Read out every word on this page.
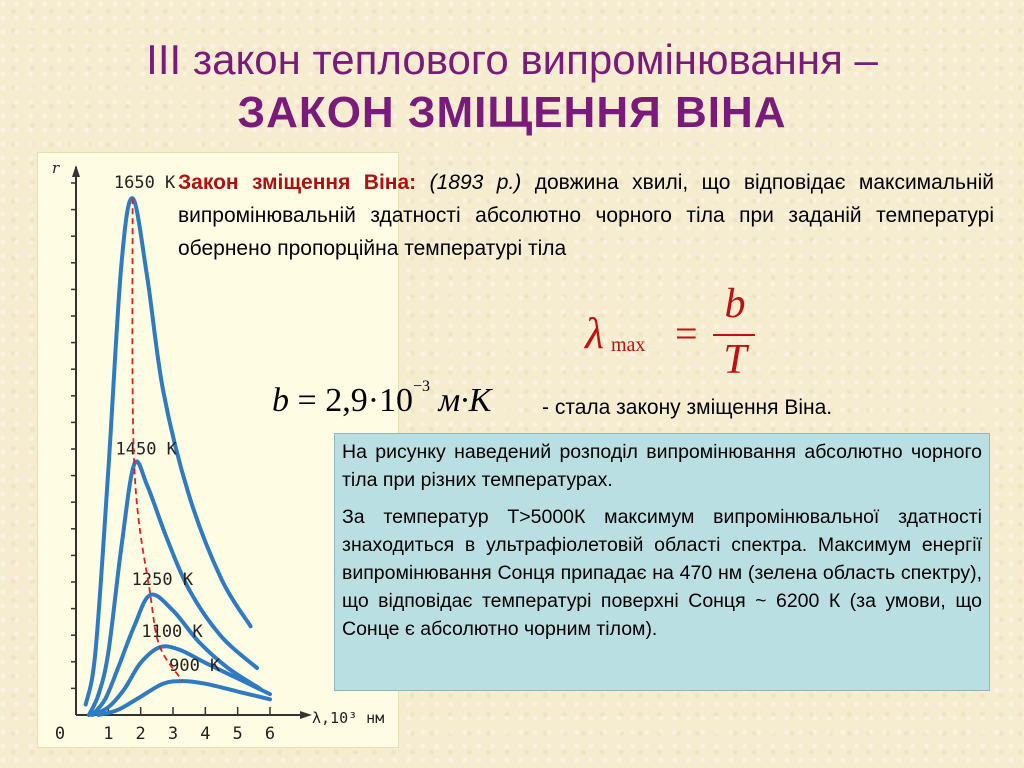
III закон теплового випромінювання –
ЗАКОН ЗМІЩЕННЯ ВІНА
0 1 2 3 4 5 6
r
λ,10³ нм
1650 K
1450 K
1250 K
1100 K
900 K
Закон зміщення Віна: (1893 р.) довжина хвилі, що відповідає максимальній випромінювальній здатності абсолютно чорного тіла при заданій температурі обернено пропорційна температурі тіла
λ max =
b
T
$b = 2,9\cdot 10^{-3}$ м·К - стала закону зміщення Віна.

На рисунку наведений розподіл випромінювання абсолютно чорного тіла при різних температурах.

За температур Т>5000К максимум випромінювальної здатності знаходиться в ультрафіолетовій області спектра. Максимум енергії випромінювання Сонця припадає на 470 нм (зелена область спектру), що відповідає температурі поверхні Сонця ~ 6200 К (за умови, що Сонце є абсолютно чорним тілом).
